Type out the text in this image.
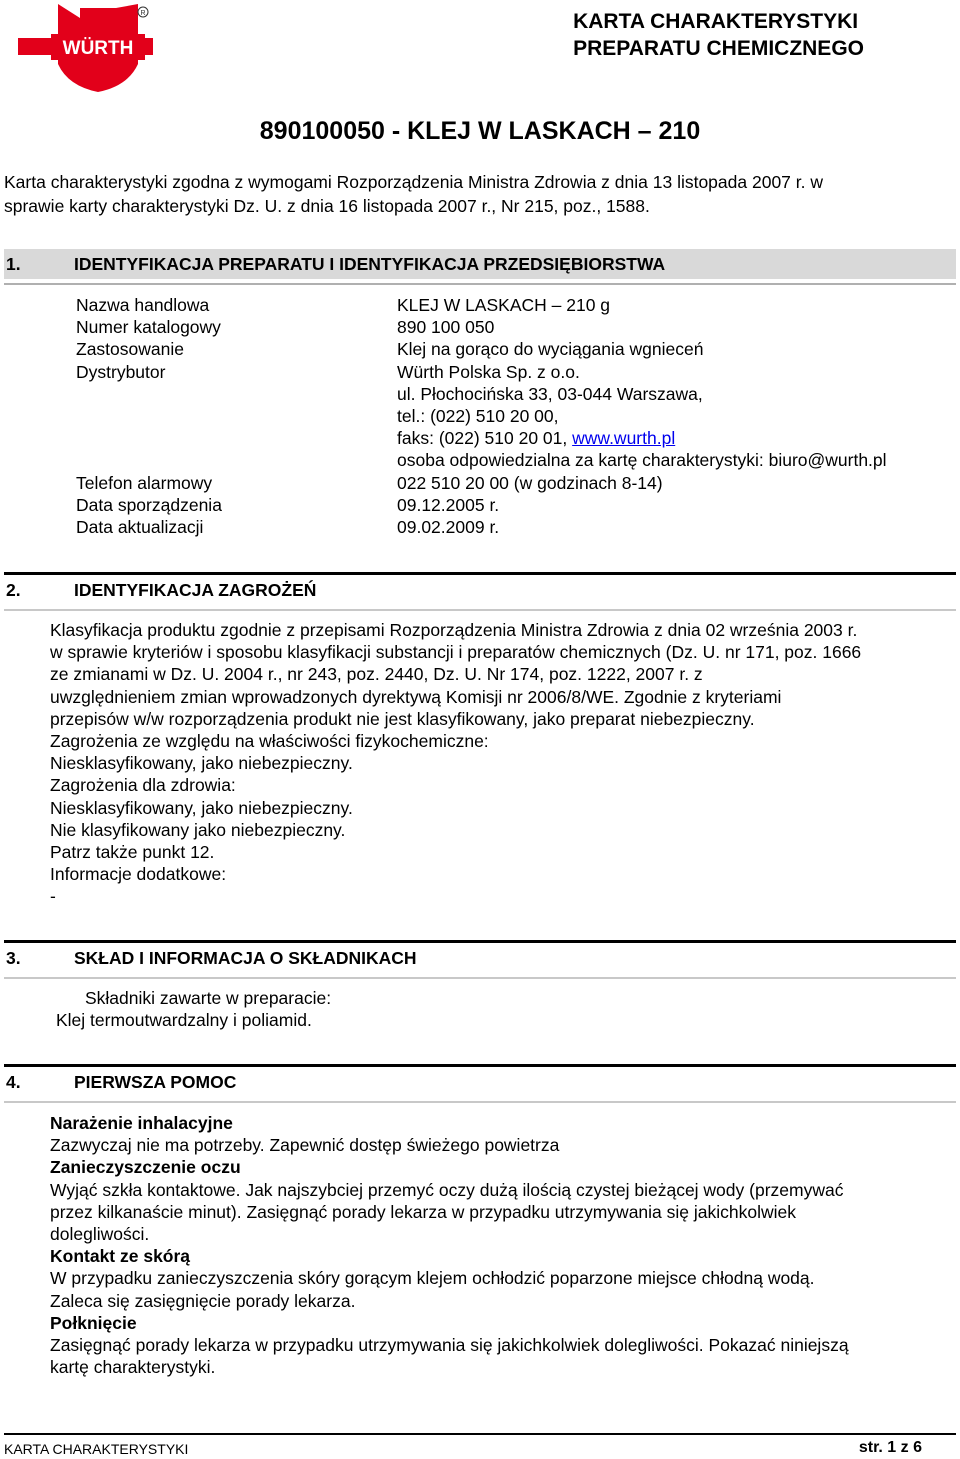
WÜRTH
R	KARTA CHARAKTERYSTYKI
PREPARATU CHEMICZNEGO
890100050 - KLEJ W LASKACH – 210
Karta charakterystyki zgodna z wymogami Rozporządzenia Ministra Zdrowia z dnia 13 listopada 2007 r. w
sprawie karty charakterystyki Dz. U. z dnia 16 listopada 2007 r., Nr 215, poz., 1588.
1.	IDENTYFIKACJA PREPARATU I IDENTYFIKACJA PRZEDSIĘBIORSTWA
Nazwa handlowa	KLEJ W LASKACH – 210 g
Numer katalogowy	890 100 050
Zastosowanie	Klej na gorąco do wyciągania wgnieceń
Dystrybutor	Würth Polska Sp. z o.o.
ul. Płochocińska 33, 03-044 Warszawa,
tel.: (022) 510 20 00,
faks: (022) 510 20 01, www.wurth.pl
osoba odpowiedzialna za kartę charakterystyki: biuro@wurth.pl
Telefon alarmowy	022 510 20 00 (w godzinach 8-14)
Data sporządzenia	09.12.2005 r.
Data aktualizacji	09.02.2009 r.
2.	IDENTYFIKACJA ZAGROŻEŃ
Klasyfikacja produktu zgodnie z przepisami Rozporządzenia Ministra Zdrowia z dnia 02 września 2003 r.
w sprawie kryteriów i sposobu klasyfikacji substancji i preparatów chemicznych (Dz. U. nr 171, poz. 1666
ze zmianami w Dz. U. 2004 r., nr 243, poz. 2440, Dz. U. Nr 174, poz. 1222, 2007 r. z
uwzględnieniem zmian wprowadzonych dyrektywą Komisji nr 2006/8/WE. Zgodnie z kryteriami
przepisów w/w rozporządzenia produkt nie jest klasyfikowany, jako preparat niebezpieczny.
Zagrożenia ze względu na właściwości fizykochemiczne:
Niesklasyfikowany, jako niebezpieczny.
Zagrożenia dla zdrowia:
Niesklasyfikowany, jako niebezpieczny.
Nie klasyfikowany jako niebezpieczny.
Patrz także punkt 12.
Informacje dodatkowe:
-
3.	SKŁAD I INFORMACJA O SKŁADNIKACH
Składniki zawarte w preparacie:
Klej termoutwardzalny i poliamid.
4.	PIERWSZA POMOC
Narażenie inhalacyjne
Zazwyczaj nie ma potrzeby. Zapewnić dostęp świeżego powietrza
Zanieczyszczenie oczu
Wyjąć szkła kontaktowe. Jak najszybciej przemyć oczy dużą ilością czystej bieżącej wody (przemywać
przez kilkanaście minut). Zasięgnąć porady lekarza w przypadku utrzymywania się jakichkolwiek
dolegliwości.
Kontakt ze skórą
W przypadku zanieczyszczenia skóry gorącym klejem ochłodzić poparzone miejsce chłodną wodą.
Zaleca się zasięgnięcie porady lekarza.
Połknięcie
Zasięgnąć porady lekarza w przypadku utrzymywania się jakichkolwiek dolegliwości. Pokazać niniejszą
kartę charakterystyki.
KARTA CHARAKTERYSTYKI	str. 1 z 6
